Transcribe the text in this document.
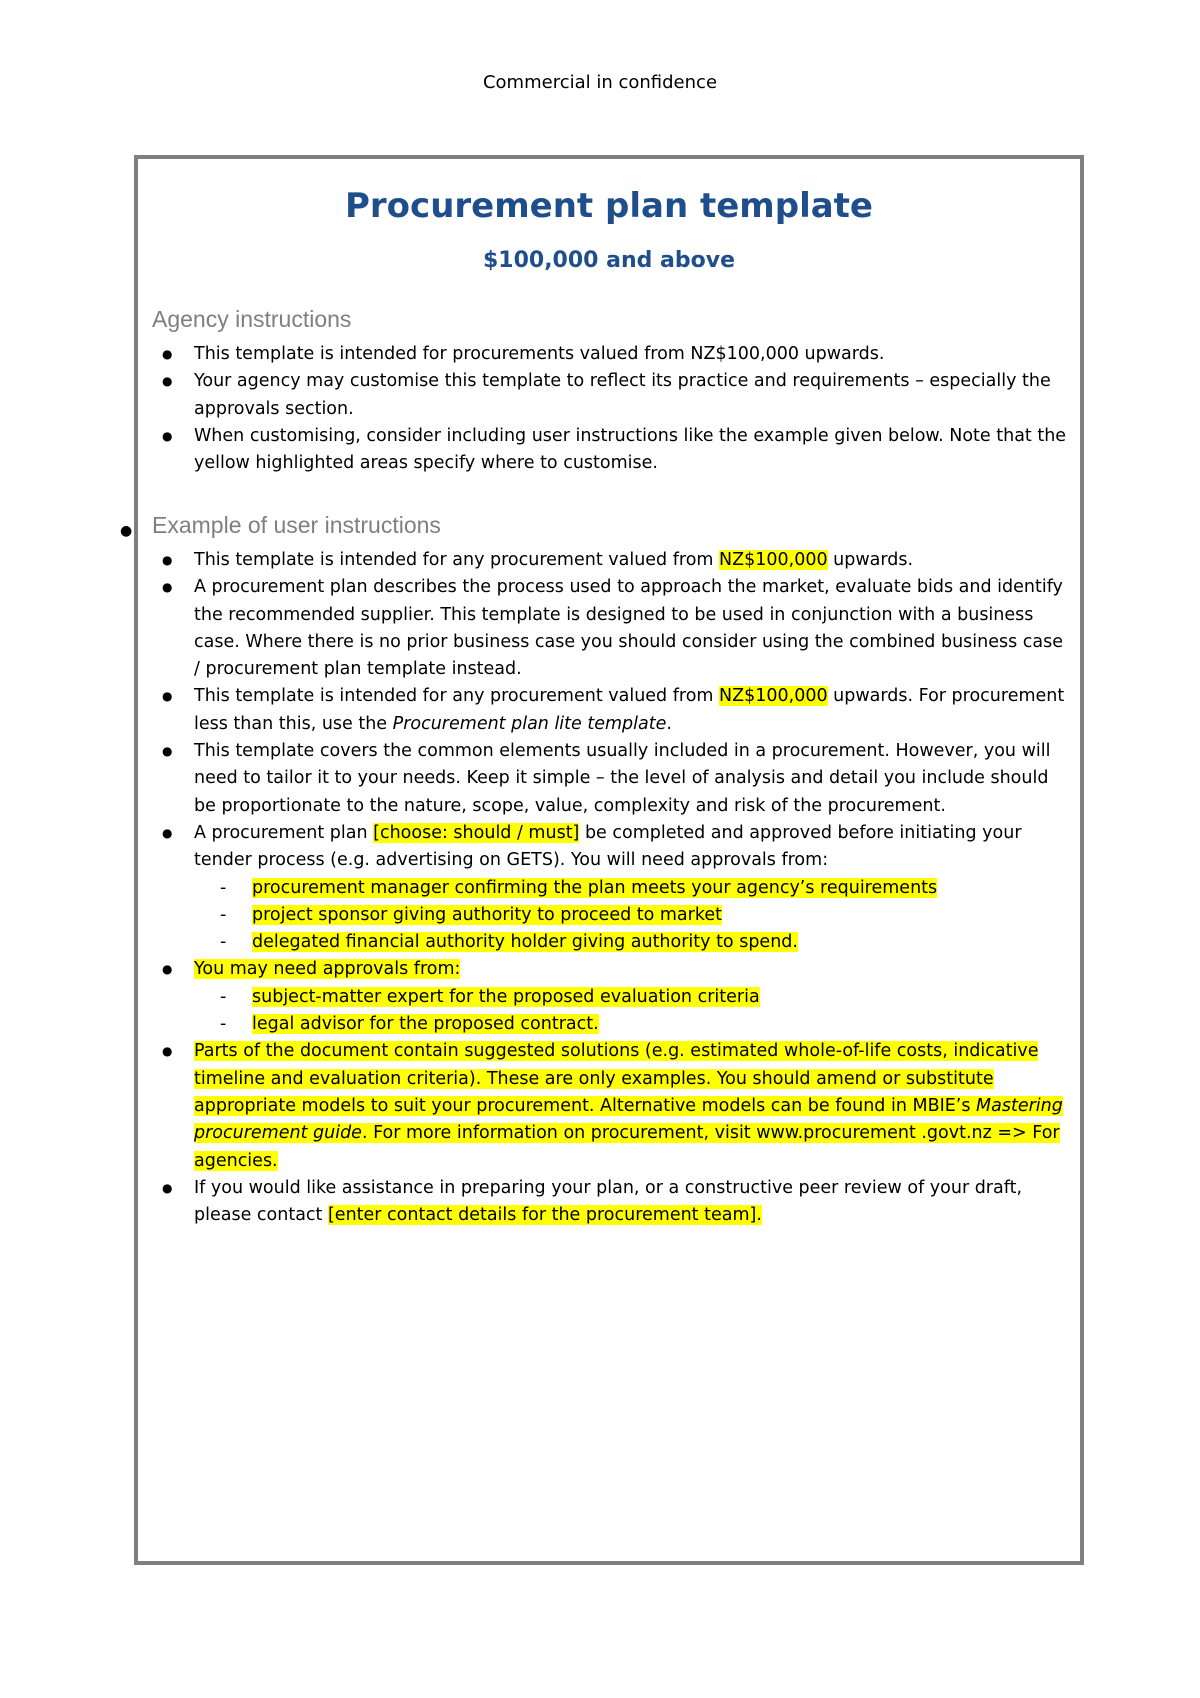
Commercial in confidence
Procurement plan template
$100,000 and above
Agency instructions
● This template is intended for procurements valued from NZ$100,000 upwards.
● Your agency may customise this template to reflect its practice and requirements – especially the approvals section.
● When customising, consider including user instructions like the example given below. Note that the yellow highlighted areas specify where to customise.
● Example of user instructions
● This template is intended for any procurement valued from NZ$100,000 upwards.
● A procurement plan describes the process used to approach the market, evaluate bids and identify the recommended supplier. This template is designed to be used in conjunction with a business case. Where there is no prior business case you should consider using the combined business case / procurement plan template instead.
● This template is intended for any procurement valued from NZ$100,000 upwards. For procurement less than this, use the Procurement plan lite template.
● This template covers the common elements usually included in a procurement. However, you will need to tailor it to your needs. Keep it simple – the level of analysis and detail you include should be proportionate to the nature, scope, value, complexity and risk of the procurement.
● A procurement plan [choose: should / must] be completed and approved before initiating your tender process (e.g. advertising on GETS). You will need approvals from:
- procurement manager confirming the plan meets your agency’s requirements
- project sponsor giving authority to proceed to market
- delegated financial authority holder giving authority to spend.
● You may need approvals from:
- subject-matter expert for the proposed evaluation criteria
- legal advisor for the proposed contract.
● Parts of the document contain suggested solutions (e.g. estimated whole-of-life costs, indicative timeline and evaluation criteria). These are only examples. You should amend or substitute appropriate models to suit your procurement. Alternative models can be found in MBIE’s Mastering procurement guide. For more information on procurement, visit www.procurement .govt.nz => For agencies.
● If you would like assistance in preparing your plan, or a constructive peer review of your draft, please contact [enter contact details for the procurement team].
